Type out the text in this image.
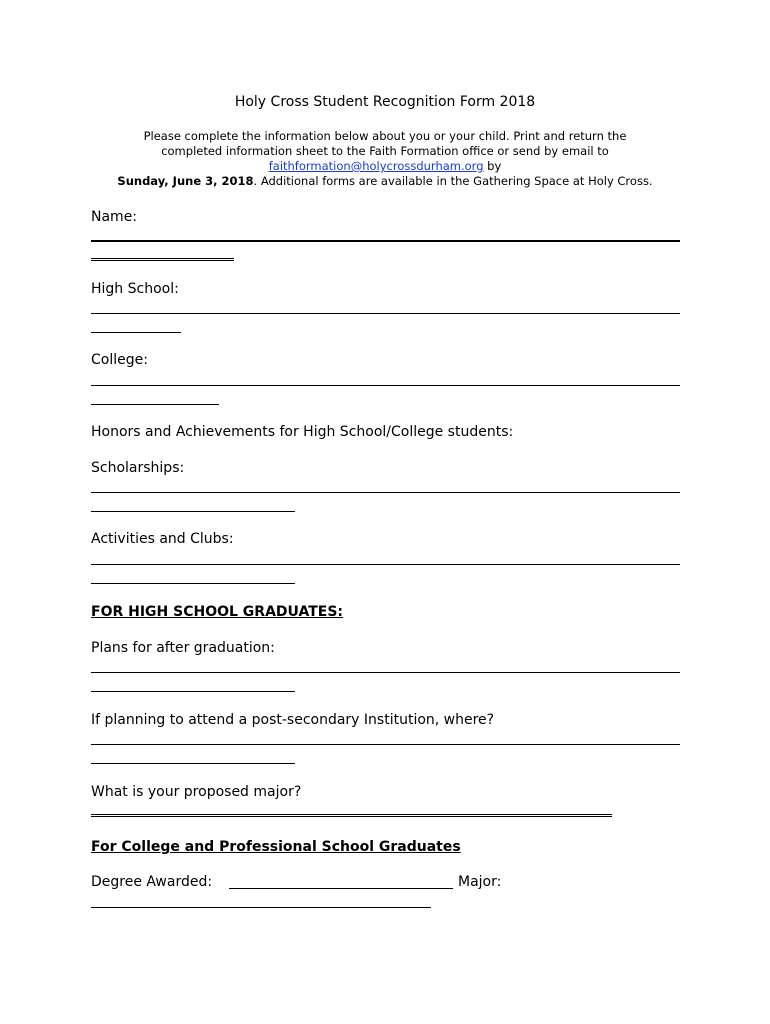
Holy Cross Student Recognition Form 2018
Please complete the information below about you or your child. Print and return the
completed information sheet to the Faith Formation office or send by email to
faithformation@holycrossdurham.org by
Sunday, June 3, 2018. Additional forms are available in the Gathering Space at Holy Cross.
Name:
High School:
College:
Honors and Achievements for High School/College students:
Scholarships:
Activities and Clubs:
FOR HIGH SCHOOL GRADUATES:
Plans for after graduation:
If planning to attend a post-secondary Institution, where?
What is your proposed major?
For College and Professional School Graduates
Degree Awarded:	Major:
